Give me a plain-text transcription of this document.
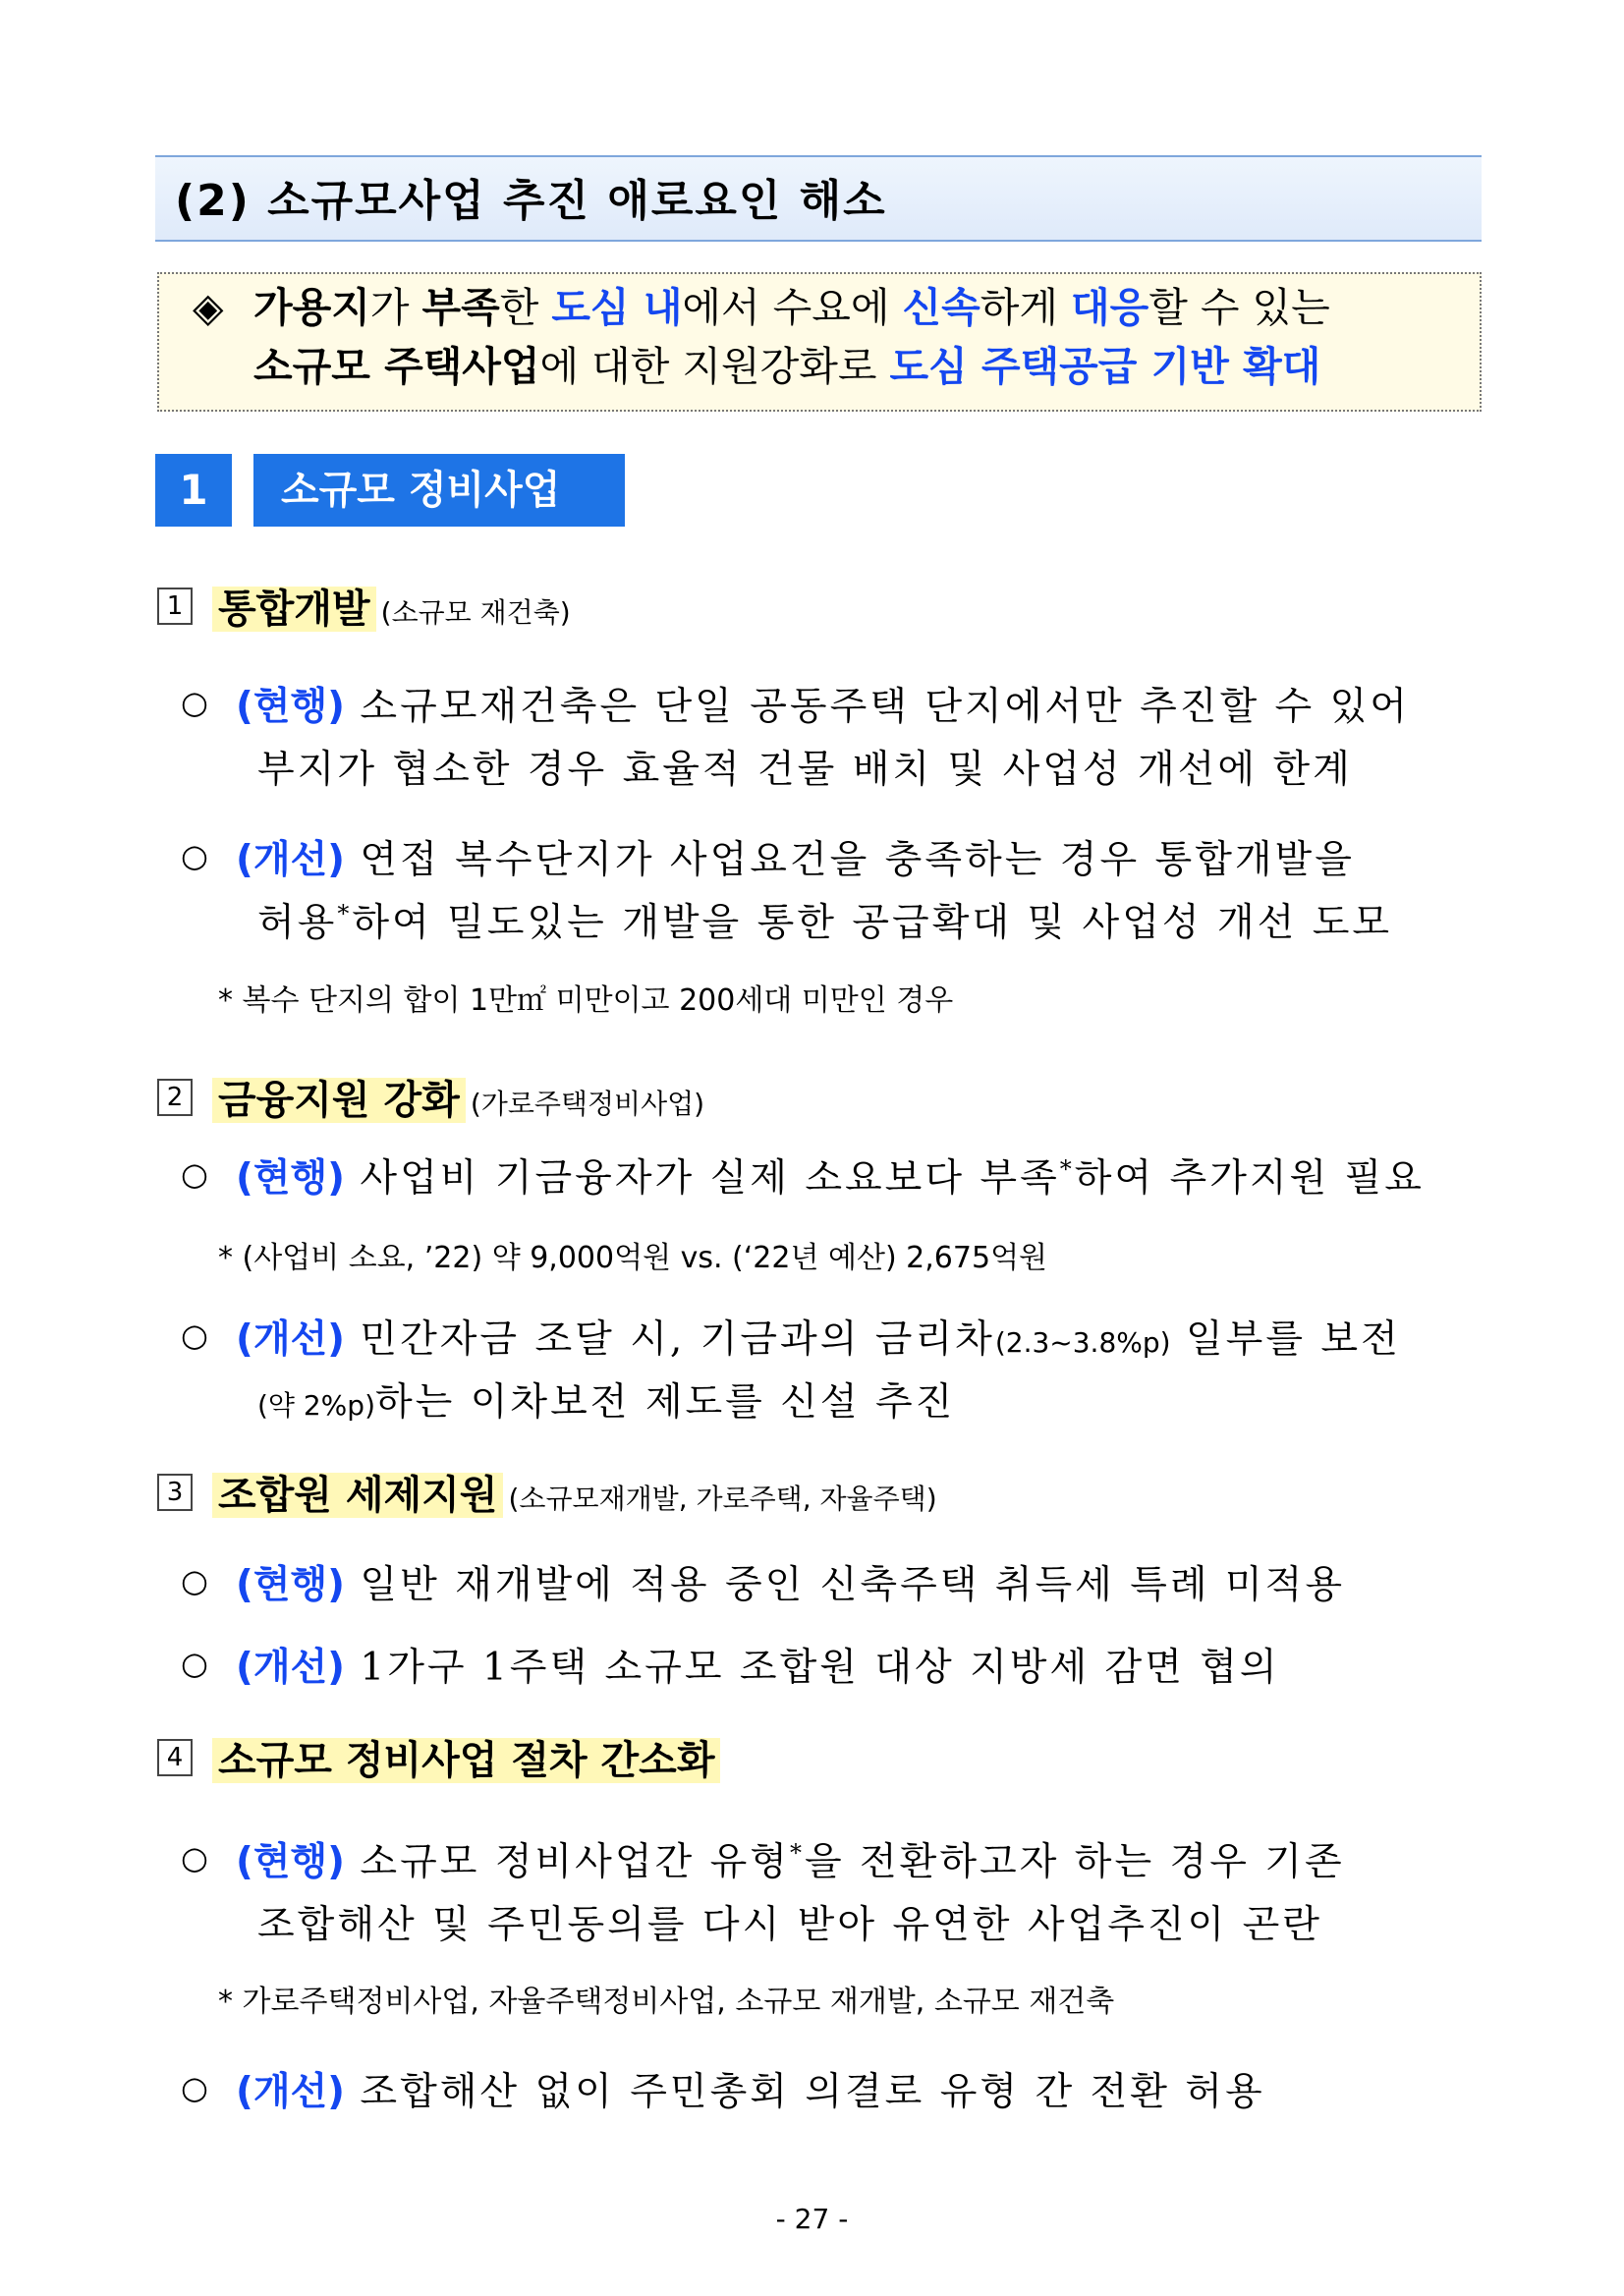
(2) 소규모사업 추진 애로요인 해소
◈ 가용지가 부족한 도심 내에서 수요에 신속하게 대응할 수 있는
소규모 주택사업에 대한 지원강화로 도심 주택공급 기반 확대
1	소규모 정비사업
1 통합개발 (소규모 재건축)
○ (현행) 소규모재건축은 단일 공동주택 단지에서만 추진할 수 있어
부지가 협소한 경우 효율적 건물 배치 및 사업성 개선에 한계
○ (개선) 연접 복수단지가 사업요건을 충족하는 경우 통합개발을
허용*하여 밀도있는 개발을 통한 공급확대 및 사업성 개선 도모
* 복수 단지의 합이 1만㎡ 미만이고 200세대 미만인 경우
2 금융지원 강화 (가로주택정비사업)
○ (현행) 사업비 기금융자가 실제 소요보다 부족*하여 추가지원 필요
* (사업비 소요, ’22) 약 9,000억원 vs. (‘22년 예산) 2,675억원
○ (개선) 민간자금 조달 시, 기금과의 금리차(2.3~3.8%p) 일부를 보전
(약 2%p)하는 이차보전 제도를 신설 추진
3 조합원 세제지원 (소규모재개발, 가로주택, 자율주택)
○ (현행) 일반 재개발에 적용 중인 신축주택 취득세 특례 미적용
○ (개선) 1가구 1주택 소규모 조합원 대상 지방세 감면 협의
4 소규모 정비사업 절차 간소화
○ (현행) 소규모 정비사업간 유형*을 전환하고자 하는 경우 기존
조합해산 및 주민동의를 다시 받아 유연한 사업추진이 곤란
* 가로주택정비사업, 자율주택정비사업, 소규모 재개발, 소규모 재건축
○ (개선) 조합해산 없이 주민총회 의결로 유형 간 전환 허용
- 27 -
